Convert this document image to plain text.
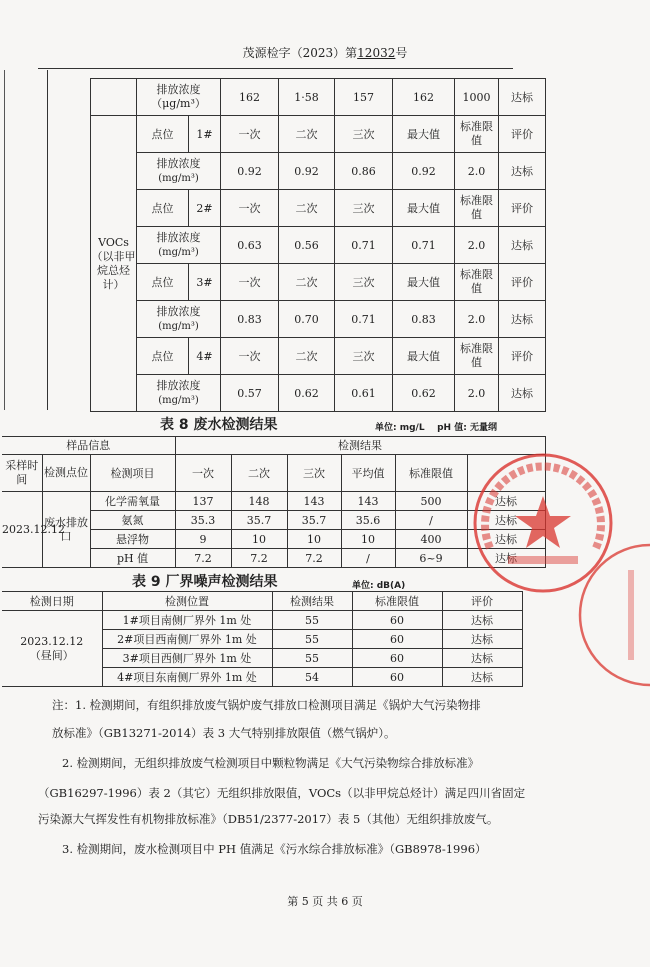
茂源检字（2023）第12032号
	排放浓度
（μg/m³）		162	1·58	157	162	1000	达标
VOCs（以非甲烷总烃计）	点位	1#	一次	二次	三次	最大值	标准限值	评价
	排放浓度
(mg/m³)		0.92	0.92	0.86	0.92	2.0	达标
	点位	2#	一次	二次	三次	最大值	标准限值	评价
	排放浓度
(mg/m³)		0.63	0.56	0.71	0.71	2.0	达标
	点位	3#	一次	二次	三次	最大值	标准限值	评价
	排放浓度
(mg/m³)		0.83	0.70	0.71	0.83	2.0	达标
	点位	4#	一次	二次	三次	最大值	标准限值	评价
	排放浓度
(mg/m³)		0.57	0.62	0.61	0.62	2.0	达标
表 8 废水检测结果	单位: mg/L    pH 值: 无量纲
样品信息			检测结果					
采样时间	检测点位	检测项目	一次	二次	三次	平均值	标准限值	
2023.12.12	废水排放口	化学需氧量	137	148	143	143	500	达标
		氨氮	35.3	35.7	35.7	35.6	/	达标
		悬浮物	9	10	10	10	400	达标
		pH 值	7.2	7.2	7.2	/	6~9	达标
表 9 厂界噪声检测结果	单位: dB(A)
检测日期	检测位置	检测结果	标准限值	评价
2023.12.12
（昼间）	1#项目南侧厂界外 1m 处	55	60	达标
	2#项目西南侧厂界外 1m 处	55	60	达标
	3#项目西侧厂界外 1m 处	55	60	达标
	4#项目东南侧厂界外 1m 处	54	60	达标
注：1. 检测期间，有组织排放废气锅炉废气排放口检测项目满足《锅炉大气污染物排
放标准》（GB13271-2014）表 3 大气特别排放限值（燃气锅炉）。
2. 检测期间，无组织排放废气检测项目中颗粒物满足《大气污染物综合排放标准》
（GB16297-1996）表 2（其它）无组织排放限值，VOCs（以非甲烷总烃计）满足四川省固定
污染源大气挥发性有机物排放标准》（DB51/2377-2017）表 5（其他）无组织排放废气。
3. 检测期间，废水检测项目中 PH 值满足《污水综合排放标准》（GB8978-1996）
第 5 页 共 6 页
